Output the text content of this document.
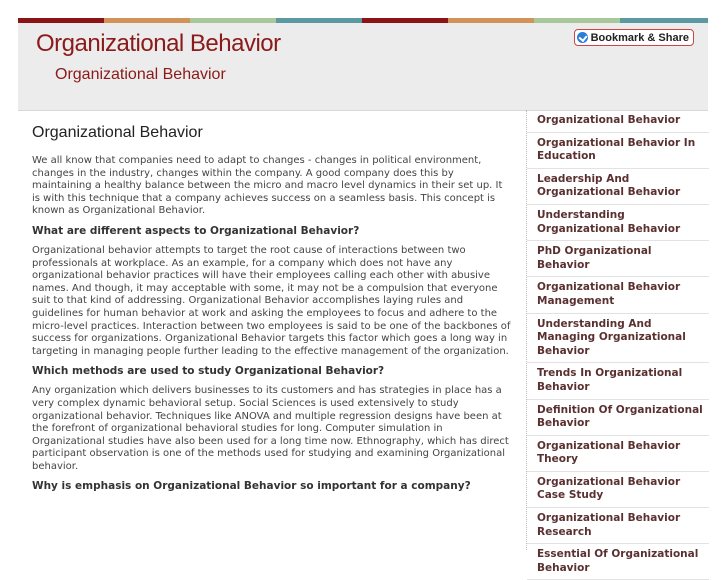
Organizational Behavior
Organizational Behavior
Bookmark & Share
Organizational Behavior

We all know that companies need to adapt to changes - changes in political environment, changes in the industry, changes within the company. A good company does this by maintaining a healthy balance between the micro and macro level dynamics in their set up. It is with this technique that a company achieves success on a seamless basis. This concept is known as Organizational Behavior.

What are different aspects to Organizational Behavior?

Organizational behavior attempts to target the root cause of interactions between two professionals at workplace. As an example, for a company which does not have any organizational behavior practices will have their employees calling each other with abusive names. And though, it may acceptable with some, it may not be a compulsion that everyone suit to that kind of addressing. Organizational Behavior accomplishes laying rules and guidelines for human behavior at work and asking the employees to focus and adhere to the micro-level practices. Interaction between two employees is said to be one of the backbones of success for organizations. Organizational Behavior targets this factor which goes a long way in targeting in managing people further leading to the effective management of the organization.

Which methods are used to study Organizational Behavior?

Any organization which delivers businesses to its customers and has strategies in place has a very complex dynamic behavioral setup. Social Sciences is used extensively to study organizational behavior. Techniques like ANOVA and multiple regression designs have been at the forefront of organizational behavioral studies for long. Computer simulation in Organizational studies have also been used for a long time now. Ethnography, which has direct participant observation is one of the methods used for studying and examining Organizational behavior.

Why is emphasis on Organizational Behavior so important for a company?
Organizational Behavior
Organizational Behavior In Education
Leadership And Organizational Behavior
Understanding Organizational Behavior
PhD Organizational Behavior
Organizational Behavior Management
Understanding And Managing Organizational Behavior
Trends In Organizational Behavior
Definition Of Organizational Behavior
Organizational Behavior Theory
Organizational Behavior Case Study
Organizational Behavior Research
Essential Of Organizational Behavior
